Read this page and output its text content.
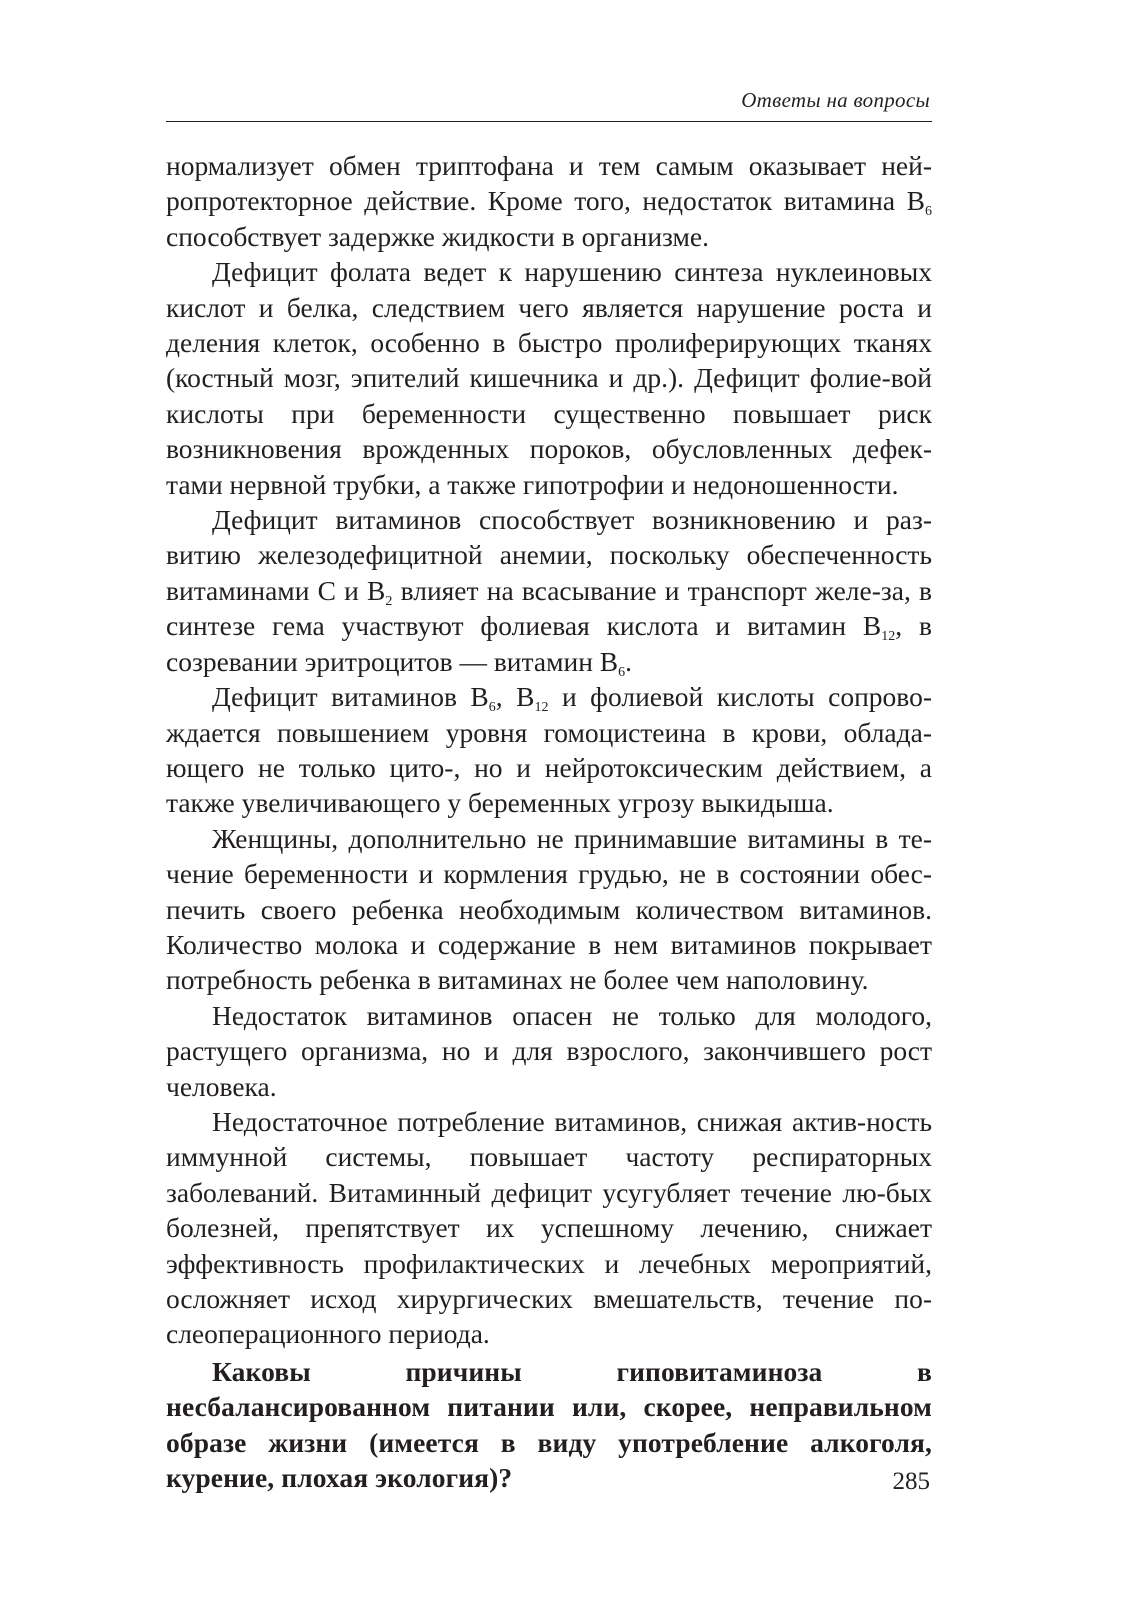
Ответы на вопросы

нормализует обмен триптофана и тем самым оказывает ней-ропротекторное действие. Кроме того, недостаток витамина $B_6$ способствует задержке жидкости в организме.

Дефицит фолата ведет к нарушению синтеза нуклеиновых кислот и белка, следствием чего является нарушение роста и деления клеток, особенно в быстро пролиферирующих тканях (костный мозг, эпителий кишечника и др.). Дефицит фолие-вой кислоты при беременности существенно повышает риск возникновения врожденных пороков, обусловленных дефек-тами нервной трубки, а также гипотрофии и недоношенности.

Дефицит витаминов способствует возникновению и раз-витию железодефицитной анемии, поскольку обеспеченность витаминами С и $В_2$ влияет на всасывание и транспорт желе-за, в синтезе гема участвуют фолиевая кислота и витамин $В_{12}$, в созревании эритроцитов — витамин $В_6$.

Дефицит витаминов $В_6$, $В_{12}$ и фолиевой кислоты сопрово-ждается повышением уровня гомоцистеина в крови, облада-ющего не только цито-, но и нейротоксическим действием, а также увеличивающего у беременных угрозу выкидыша.

Женщины, дополнительно не принимавшие витамины в те-чение беременности и кормления грудью, не в состоянии обес-печить своего ребенка необходимым количеством витаминов. Количество молока и содержание в нем витаминов покрывает потребность ребенка в витаминах не более чем наполовину.

Недостаток витаминов опасен не только для молодого, растущего организма, но и для взрослого, закончившего рост человека.

Недостаточное потребление витаминов, снижая актив-ность иммунной системы, повышает частоту респираторных заболеваний. Витаминный дефицит усугубляет течение лю-бых болезней, препятствует их успешному лечению, снижает эффективность профилактических и лечебных мероприятий, осложняет исход хирургических вмешательств, течение по-слеоперационного периода.

Каковы причины гиповитаминоза в несбалансированном питании или, скорее, неправильном образе жизни (имеется в виду употребление алкоголя, курение, плохая экология)?	285
